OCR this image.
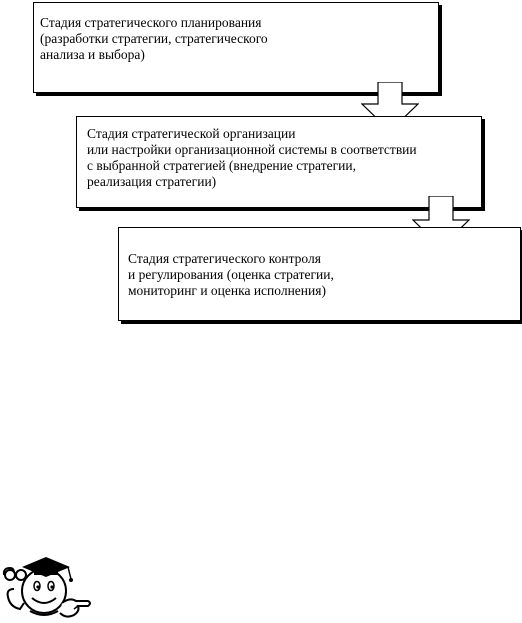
Стадия стратегического планирования
(разработки стратегии, стратегического
анализа и выбора)
Стадия стратегической организации
или настройки организационной системы в соответствии
с выбранной стратегией (внедрение стратегии,
реализация стратегии)
Стадия стратегического контроля
и регулирования (оценка стратегии,
мониторинг и оценка исполнения)
